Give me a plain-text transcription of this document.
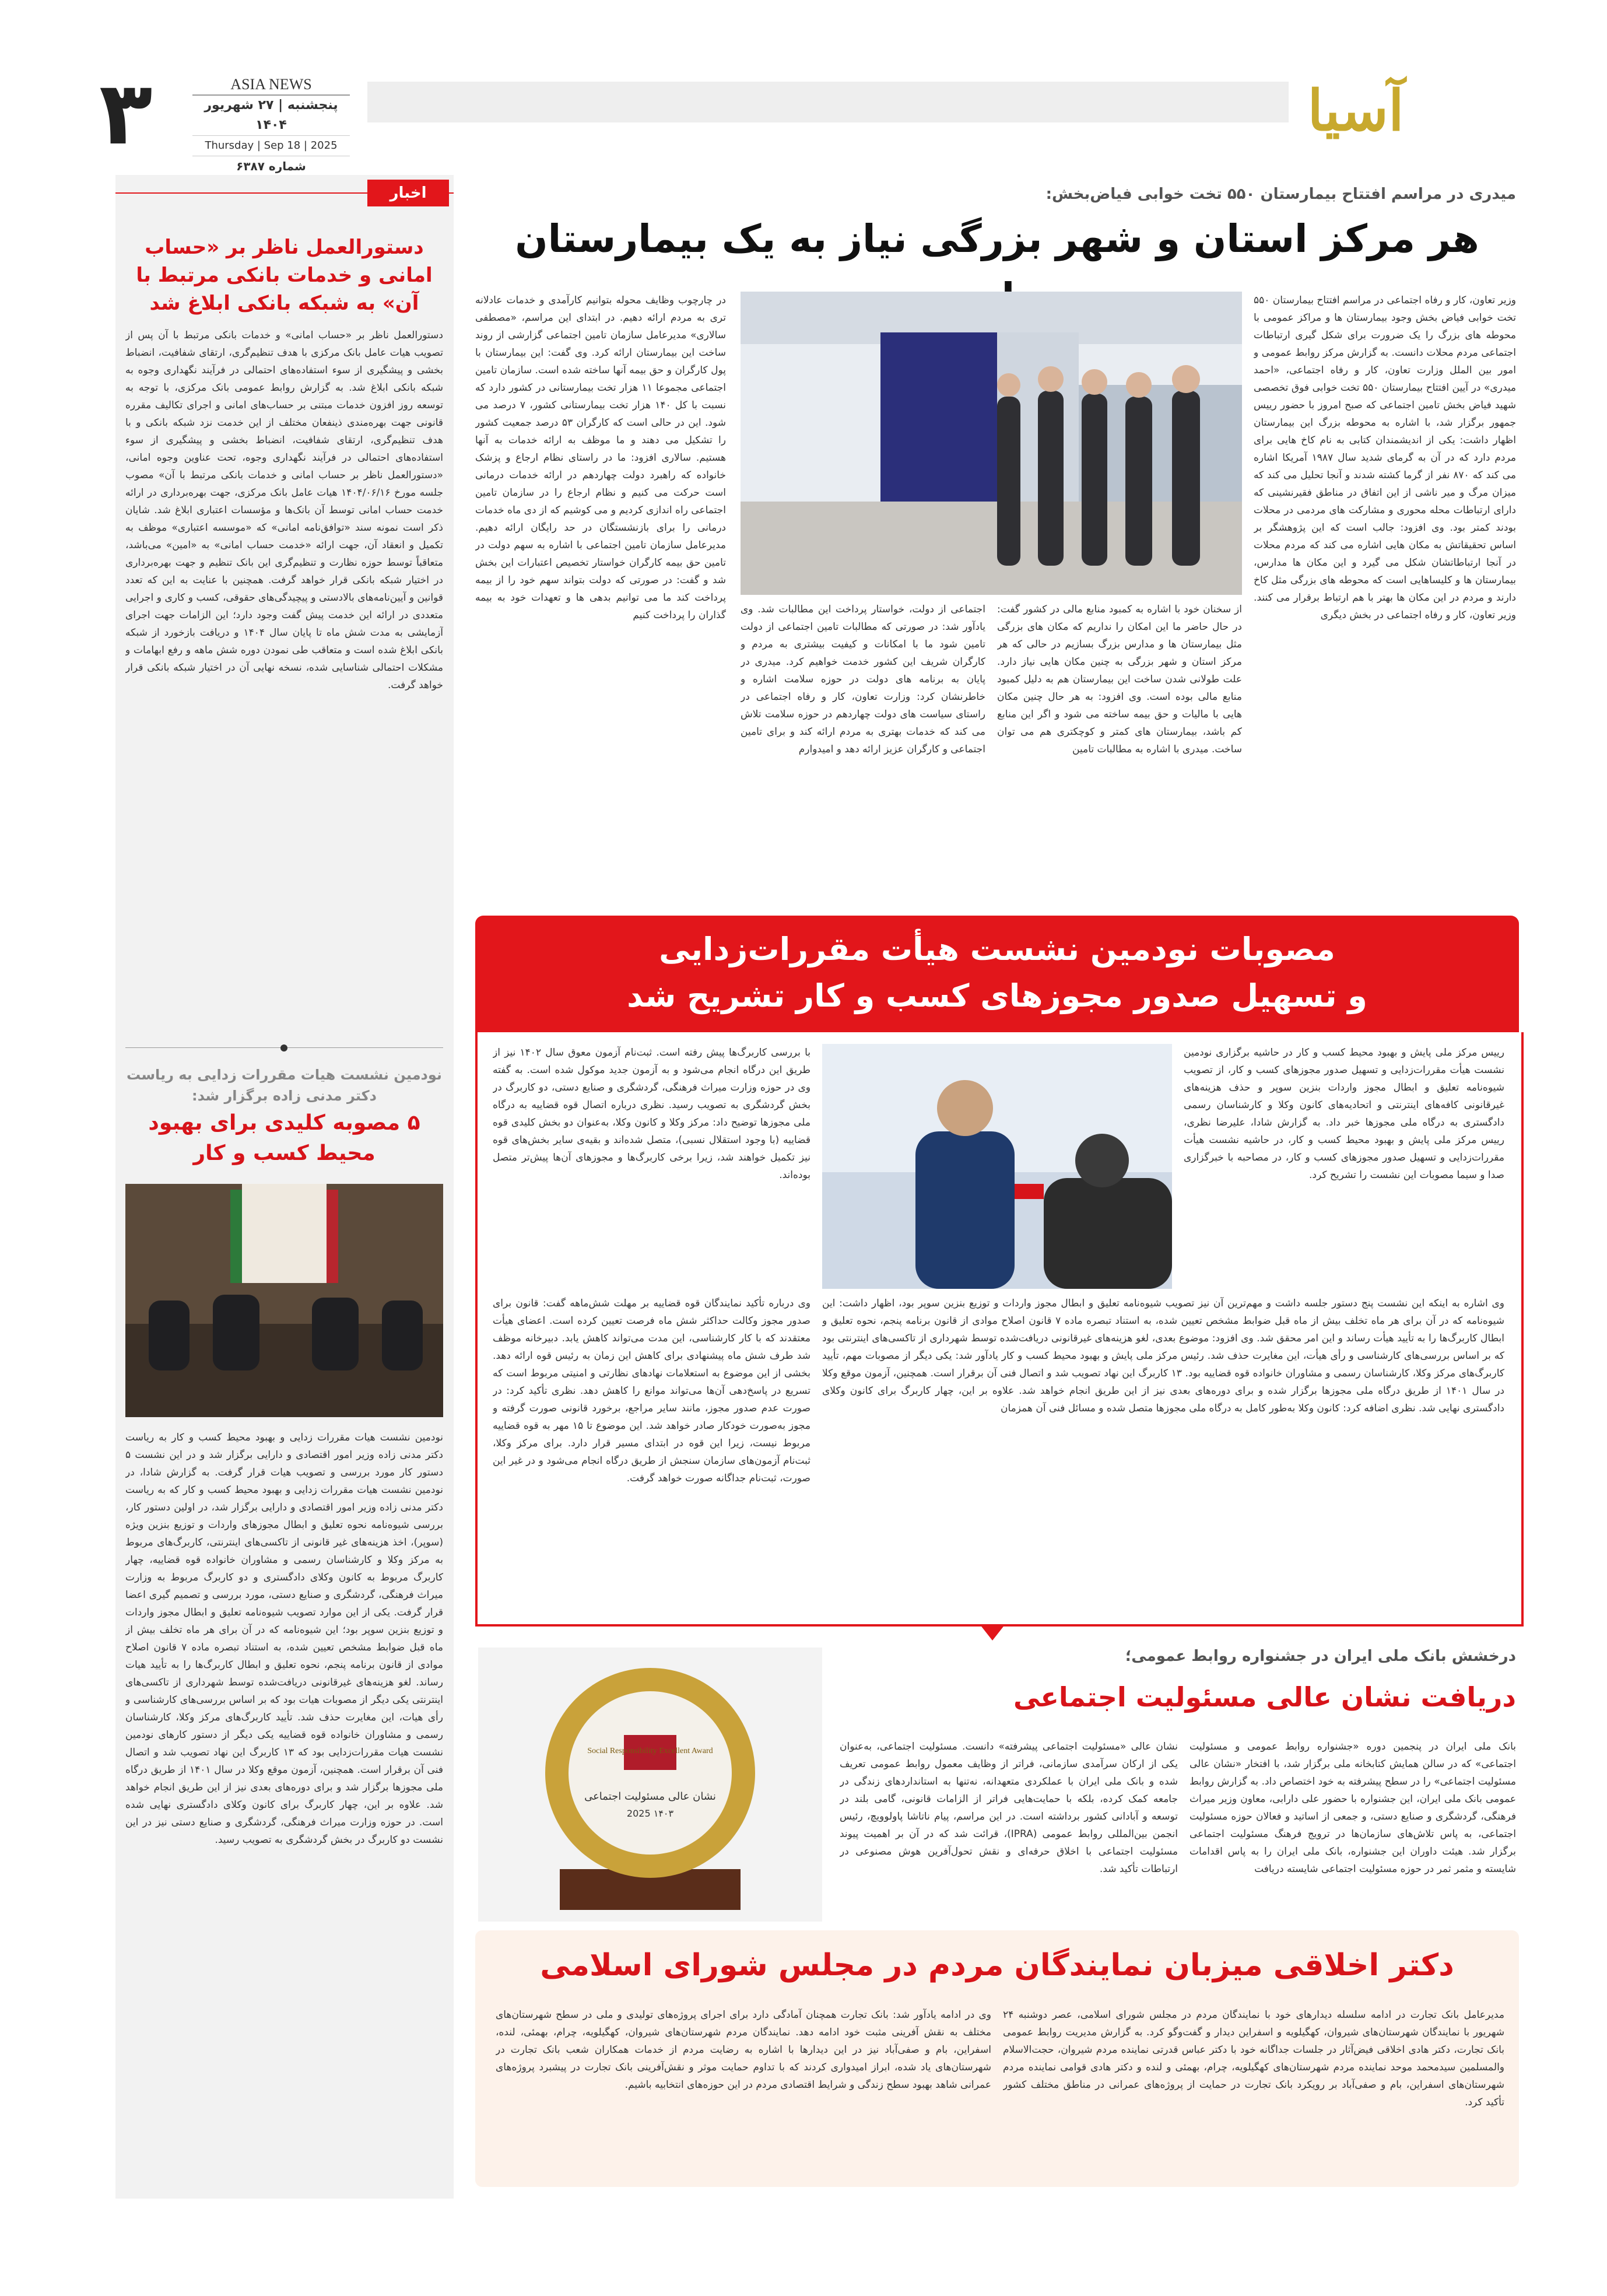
۳	ASIA NEWS
پنجشنبه | ۲۷ شهریور ۱۴۰۴
Thursday | Sep 18 | 2025
شماره ۶۳۸۷
آسیا
میدری در مراسم افتتاح بیمارستان ۵۵۰ تخت خوابی فیاض‌بخش:
هر مرکز استان و شهر بزرگی نیاز به یک بیمارستان
وزیر تعاون، کار و رفاه اجتماعی در مراسم افتتاح بیمارستان ۵۵۰ تخت خوابی فیاض بخش وجود بیمارستان ها و مراکز عمومی با محوطه های بزرگ را یک ضرورت برای شکل گیری ارتباطات اجتماعی مردم محلات دانست. به گزارش مرکز روابط عمومی و امور بین الملل وزارت تعاون، کار و رفاه اجتماعی، «احمد میدری» در آیین افتتاح بیمارستان ۵۵۰ تخت خوابی فوق تخصصی شهید فیاض بخش تامین اجتماعی که صبح امروز با حضور رییس جمهور برگزار شد، با اشاره به محوطه بزرگ این بیمارستان اظهار داشت: یکی از اندیشمندان کتابی به نام کاخ هایی برای مردم دارد که در آن به گرمای شدید سال ۱۹۸۷ آمریکا اشاره می کند که ۸۷۰ نفر از گرما کشته شدند و آنجا تحلیل می کند که میزان مرگ و میر ناشی از این اتفاق در مناطق فقیرنشینی که دارای ارتباطات محله محوری و مشارکت های مردمی در محلات بودند کمتر بود. وی افزود: جالب است که این پژوهشگر بر اساس تحقیقاتش به مکان هایی اشاره می کند که مردم محلات در آنجا ارتباطاتشان شکل می گیرد و این مکان ها مدارس، بیمارستان ها و کلیساهایی است که محوطه های بزرگی مثل کاخ دارند و مردم در این مکان ها بهتر با هم ارتباط برقرار می کنند. وزیر تعاون، کار و رفاه اجتماعی در بخش دیگری
از سخنان خود با اشاره به کمبود منابع مالی در کشور گفت: در حال حاضر ما این امکان را نداریم که مکان های بزرگی مثل بیمارستان ها و مدارس بزرگ بسازیم در حالی که هر مرکز استان و شهر بزرگی به چنین مکان هایی نیاز دارد. علت طولانی شدن ساخت این بیمارستان هم به دلیل کمبود منابع مالی بوده است. وی افزود: به هر حال چنین مکان هایی با مالیات و حق بیمه ساخته می شود و اگر این منابع کم باشد، بیمارستان های کمتر و کوچکتری هم می توان ساخت. میدری با اشاره به مطالبات تامین
اجتماعی از دولت، خواستار پرداخت این مطالبات شد. وی یادآور شد: در صورتی که مطالبات تامین اجتماعی از دولت تامین شود ما با امکانات و کیفیت بیشتری به مردم و کارگران شریف این کشور خدمت خواهیم کرد. میدری در پایان به برنامه های دولت در حوزه سلامت اشاره و خاطرنشان کرد: وزارت تعاون، کار و رفاه اجتماعی در راستای سیاست های دولت چهاردهم در حوزه سلامت تلاش می کند که خدمات بهتری به مردم ارائه کند و برای تامین اجتماعی و کارگران عزیز ارائه دهد و امیدوارم
در چارچوب وظایف محوله بتوانیم کارآمدی و خدمات عادلانه تری به مردم ارائه دهیم. در ابتدای این مراسم، «مصطفی سالاری» مدیرعامل سازمان تامین اجتماعی گزارشی از روند ساخت این بیمارستان ارائه کرد. وی گفت: این بیمارستان با پول کارگران و حق بیمه آنها ساخته شده است. سازمان تامین اجتماعی مجموعا ۱۱ هزار تخت بیمارستانی در کشور دارد که نسبت با کل ۱۴۰ هزار تخت بیمارستانی کشور، ۷ درصد می شود. این در حالی است که کارگران ۵۳ درصد جمعیت کشور را تشکیل می دهند و ما موظف به ارائه خدمات به آنها هستیم. سالاری افزود: ما در راستای نظام ارجاع و پزشک خانواده که راهبرد دولت چهاردهم در ارائه خدمات درمانی است حرکت می کنیم و نظام ارجاع را در سازمان تامین اجتماعی راه اندازی کردیم و می کوشیم که از دی ماه خدمات درمانی را برای بازنشستگان در حد رایگان ارائه دهیم. مدیرعامل سازمان تامین اجتماعی با اشاره به سهم دولت در تامین حق بیمه کارگران خواستار تخصیص اعتبارات این بخش شد و گفت: در صورتی که دولت بتواند سهم خود را از بیمه پرداخت کند ما می توانیم بدهی ها و تعهدات خود به بیمه گذاران را پرداخت کنیم
مصوبات نودمین نشست هیأت مقررات‌زدایی
و تسهیل صدور مجوزهای کسب و کار تشریح شد
رییس مرکز ملی پایش و بهبود محیط کسب و کار در حاشیه برگزاری نودمین نشست هیأت مقررات‌زدایی و تسهیل صدور مجوزهای کسب و کار، از تصویب شیوه‌نامه تعلیق و ابطال مجوز واردات بنزین سوپر و حذف هزینه‌های غیرقانونی کافه‌های اینترنتی و اتحادیه‌های کانون وکلا و کارشناسان رسمی دادگستری به درگاه ملی مجوزها خبر داد. به گزارش شادا، علیرضا نظری، رییس مرکز ملی پایش و بهبود محیط کسب و کار، در حاشیه نشست هیأت مقررات‌زدایی و تسهیل صدور مجوزهای کسب و کار، در مصاحبه با خبرگزاری صدا و سیما مصوبات این نشست را تشریح کرد.
با بررسی کاربرگ‌ها پیش رفته است. ثبت‌نام آزمون معوق سال ۱۴۰۲ نیز از طریق این درگاه انجام می‌شود و به آزمون جدید موکول شده است. به گفته وی در حوزه وزارت میراث فرهنگی، گردشگری و صنایع دستی، دو کاربرگ در بخش گردشگری به تصویب رسید. نظری درباره اتصال قوه قضاییه به درگاه ملی مجوزها توضیح داد: مرکز وکلا و کانون وکلا، به‌عنوان دو بخش کلیدی قوه قضاییه (با وجود استقلال نسبی)، متصل شده‌اند و بقیه‌ی سایر بخش‌های قوه نیز تکمیل خواهند شد، زیرا برخی کاربرگ‌ها و مجوزهای آن‌ها پیش‌تر متصل بوده‌اند.
وی اشاره به اینکه این نشست پنج دستور جلسه داشت و مهم‌ترین آن نیز تصویب شیوه‌نامه تعلیق و ابطال مجوز واردات و توزیع بنزین سوپر بود، اظهار داشت: این شیوه‌نامه که در آن برای هر ماه تخلف بیش از ماه قبل ضوابط مشخص تعیین شده، به استناد تبصره ماده ۷ قانون اصلاح موادی از قانون برنامه پنجم، نحوه تعلیق و ابطال کاربرگ‌ها را به تأیید هیأت رساند و این امر محقق شد. وی افزود: موضوع بعدی، لغو هزینه‌های غیرقانونی دریافت‌شده توسط شهرداری از تاکسی‌های اینترنتی بود که بر اساس بررسی‌های کارشناسی و رأی هیأت، این مغایرت حذف شد. رئیس مرکز ملی پایش و بهبود محیط کسب و کار یادآور شد: یکی دیگر از مصوبات مهم، تأیید کاربرگ‌های مرکز وکلا، کارشناسان رسمی و مشاوران خانواده قوه قضاییه بود. ۱۳ کاربرگ این نهاد تصویب شد و اتصال فنی آن برقرار است. همچنین، آزمون موقع وکلا در سال ۱۴۰۱ از طریق درگاه ملی مجوزها برگزار شده و برای دوره‌های بعدی نیز از این طریق انجام خواهد شد. علاوه بر این، چهار کاربرگ برای کانون وکلای دادگستری نهایی شد. نظری اضافه کرد: کانون وکلا به‌طور کامل به درگاه ملی مجوزها متصل شده و مسائل فنی آن همزمان
وی درباره تأکید نمایندگان قوه قضاییه بر مهلت شش‌ماهه گفت: قانون برای صدور مجوز وکالت حداکثر شش ماه فرصت تعیین کرده است. اعضای هیأت معتقدند که با کار کارشناسی، این مدت می‌تواند کاهش یابد. دبیرخانه موظف شد طرف شش ماه پیشنهادی برای کاهش این زمان به رئیس قوه ارائه دهد. بخشی از این موضوع به استعلامات نهادهای نظارتی و امنیتی مربوط است که تسریع در پاسخ‌دهی آن‌ها می‌تواند موانع را کاهش دهد. نظری تأکید کرد: در صورت عدم صدور مجوز، مانند سایر مراجع، برخورد قانونی صورت گرفته و مجوز به‌صورت خودکار صادر خواهد شد. این موضوع تا ۱۵ مهر به قوه قضاییه مربوط نیست، زیرا این قوه در ابتدای مسیر قرار دارد. برای مرکز وکلا، ثبت‌نام آزمون‌های سازمان سنجش از طریق درگاه انجام می‌شود و در غیر این صورت، ثبت‌نام جداگانه صورت خواهد گرفت.
درخشش بانک ملی ایران در جشنواره روابط عمومی؛
دریافت نشان عالی مسئولیت اجتماعی
بانک ملی ایران در پنجمین دوره «جشنواره روابط عمومی و مسئولیت اجتماعی» که در سالن همایش کتابخانه ملی برگزار شد، با افتخار «نشان عالی مسئولیت اجتماعی» را در سطح پیشرفته به خود اختصاص داد. به گزارش روابط عمومی بانک ملی ایران، این جشنواره با حضور علی دارابی، معاون وزیر میراث فرهنگی، گردشگری و صنایع دستی، و جمعی از اساتید و فعالان حوزه مسئولیت اجتماعی، به پاس تلاش‌های سازمان‌ها در ترویج فرهنگ مسئولیت اجتماعی برگزار شد. هیئت داوران این جشنواره، بانک ملی ایران را به پاس اقدامات شایسته و مثمر ثمر در حوزه مسئولیت اجتماعی شایسته دریافت
نشان عالی «مسئولیت اجتماعی پیشرفته» دانست. مسئولیت اجتماعی، به‌عنوان یکی از ارکان سرآمدی سازمانی، فراتر از وظایف معمول روابط عمومی تعریف شده و بانک ملی ایران با عملکردی متعهدانه، نه‌تنها به استانداردهای زندگی در جامعه کمک کرده، بلکه با حمایت‌هایی فراتر از الزامات قانونی، گامی بلند در توسعه و آبادانی کشور برداشته است. در این مراسم، پیام ناتاشا پاولوویچ، رئیس انجمن بین‌المللی روابط عمومی (IPRA)، قرائت شد که در آن بر اهمیت پیوند مسئولیت اجتماعی با اخلاق حرفه‌ای و نقش تحول‌آفرین هوش مصنوعی در ارتباطات تأکید شد.
Social Responsibility Excellent Award
نشان عالی مسئولیت اجتماعی
۱۴۰۳ 2025
دکتر اخلاقی میزبان نمایندگان مردم در مجلس شورای اسلامی
مدیرعامل بانک تجارت در ادامه سلسله دیدارهای خود با نمایندگان مردم در مجلس شورای اسلامی، عصر دوشنبه ۲۴ شهریور با نمایندگان شهرستان‌های شیروان، کهگیلویه و اسفراین دیدار و گفت‌وگو کرد. به گزارش مدیریت روابط عمومی بانک تجارت، دکتر هادی اخلاقی فیض‌آثار در جلسات جداگانه خود با دکتر عباس قدرتی نماینده مردم شیروان، حجت‌الاسلام والمسلمین سیدمحمد موحد نماینده مردم شهرستان‌های کهگیلویه، چرام، بهمئی و لنده و دکتر هادی قوامی نماینده مردم شهرستان‌های اسفراین، بام و صفی‌آباد بر رویکرد بانک تجارت در حمایت از پروژه‌های عمرانی در مناطق مختلف کشور تأکید کرد.
وی در ادامه یادآور شد: بانک تجارت همچنان آمادگی دارد برای اجرای پروژه‌های تولیدی و ملی در سطح شهرستان‌های مختلف به نقش آفرینی مثبت خود ادامه دهد. نمایندگان مردم شهرستان‌های شیروان، کهگیلویه، چرام، بهمئی، لنده، اسفراین، بام و صفی‌آباد نیز در این دیدارها با اشاره به رضایت مردم از خدمات همکاران شعب بانک تجارت در شهرستان‌های یاد شده، ابراز امیدواری کردند که با تداوم حمایت موثر و نقش‌آفرینی بانک تجارت در پیشبرد پروژه‌های عمرانی شاهد بهبود سطح زندگی و شرایط اقتصادی مردم در این حوزه‌های انتخابیه باشیم.
اخبار
دستورالعمل ناظر بر «حساب امانی و خدمات بانکی مرتبط با آن» به شبکه بانکی ابلاغ شد
دستورالعمل ناظر بر «حساب امانی» و خدمات بانکی مرتبط با آن پس از تصویب هیات عامل بانک مرکزی با هدف تنظیم‌گری، ارتقای شفافیت، انضباط بخشی و پیشگیری از سوء استفاده‌های احتمالی در فرآیند نگهداری وجوه به شبکه بانکی ابلاغ شد. به گزارش روابط عمومی بانک مرکزی، با توجه به توسعه روز افزون خدمات مبتنی بر حساب‌های امانی و اجرای تکالیف مقرره قانونی جهت بهره‌مندی ذینفعان مختلف از این خدمت نزد شبکه بانکی و با هدف تنظیم‌گری، ارتقای شفافیت، انضباط بخشی و پیشگیری از سوء استفاده‌های احتمالی در فرآیند نگهداری وجوه، تحت عناوین وجوه امانی، «دستورالعمل ناظر بر حساب امانی و خدمات بانکی مرتبط با آن» مصوب جلسه مورخ ۱۴۰۴/۰۶/۱۶ هیات عامل بانک مرکزی، جهت بهره‌برداری در ارائه خدمت حساب امانی توسط آن بانک‌ها و مؤسسات اعتباری ابلاغ شد. شایان ذکر است نمونه سند «توافق‌نامه امانی» که «موسسه اعتباری» موظف به تکمیل و انعقاد آن، جهت ارائه «خدمت حساب امانی» به «امین» می‌باشد، متعاقباً توسط حوزه نظارت و تنظیم‌گری این بانک تنظیم و جهت بهره‌برداری در اختیار شبکه بانکی قرار خواهد گرفت. همچنین با عنایت به این که تعدد قوانین و آیین‌نامه‌های بالادستی و پیچیدگی‌های حقوقی، کسب و کاری و اجرایی متعددی در ارائه این خدمت پیش گفت وجود دارد؛ این الزامات جهت اجرای آزمایشی به مدت شش ماه تا پایان سال ۱۴۰۴ و دریافت بازخورد از شبکه بانکی ابلاغ شده است و متعاقب طی نمودن دوره شش ماهه و رفع ابهامات و مشکلات احتمالی شناسایی شده، نسخه نهایی آن در اختیار شبکه بانکی قرار خواهد گرفت.
نودمین نشست هیات مقررات زدایی به ریاست دکتر مدنی زاده برگزار شد:
۵ مصوبه کلیدی برای بهبود محیط کسب و کار
نودمین نشست هیات مقررات زدایی و بهبود محیط کسب و کار به ریاست دکتر مدنی زاده وزیر امور اقتصادی و دارایی برگزار شد و در این نشست ۵ دستور کار مورد بررسی و تصویب هیات قرار گرفت. به گزارش شادا، در نودمین نشست هیات مقررات زدایی و بهبود محیط کسب و کار که به ریاست دکتر مدنی زاده وزیر امور اقتصادی و دارایی برگزار شد، در اولین دستور کار، بررسی شیوه‌نامه نحوه تعلیق و ابطال مجوزهای واردات و توزیع بنزین ویژه (سوپر)، اخذ هزینه‌های غیر قانونی از تاکسی‌های اینترنتی، کاربرگ‌های مربوط به مرکز وکلا و کارشناسان رسمی و مشاوران خانواده قوه قضاییه، چهار کاربرگ مربوط به کانون وکلای دادگستری و دو کاربرگ مربوط به وزارت میراث فرهنگی، گردشگری و صنایع دستی، مورد بررسی و تصمیم گیری اعضا قرار گرفت. یکی از این موارد تصویب شیوه‌نامه تعلیق و ابطال مجوز واردات و توزیع بنزین سوپر بود؛ این شیوه‌نامه که در آن برای هر ماه تخلف بیش از ماه قبل ضوابط مشخص تعیین شده، به استناد تبصره ماده ۷ قانون اصلاح موادی از قانون برنامه پنجم، نحوه تعلیق و ابطال کاربرگ‌ها را به تأیید هیات رساند. لغو هزینه‌های غیرقانونی دریافت‌شده توسط شهرداری از تاکسی‌های اینترنتی یکی دیگر از مصوبات هیات بود که بر اساس بررسی‌های کارشناسی و رأی هیات، این مغایرت حذف شد. تأیید کاربرگ‌های مرکز وکلا، کارشناسان رسمی و مشاوران خانواده قوه قضاییه یکی دیگر از دستور کارهای نودمین نشست هیات مقررات‌زدایی بود که ۱۳ کاربرگ این نهاد تصویب شد و اتصال فنی آن برقرار است. همچنین، آزمون موقع وکلا در سال ۱۴۰۱ از طریق درگاه ملی مجوزها برگزار شد و برای دوره‌های بعدی نیز از این طریق انجام خواهد شد. علاوه بر این، چهار کاربرگ برای کانون وکلای دادگستری نهایی شده است. در حوزه وزارت میراث فرهنگی، گردشگری و صنایع دستی نیز در این نشست دو کاربرگ در بخش گردشگری به تصویب رسید.
